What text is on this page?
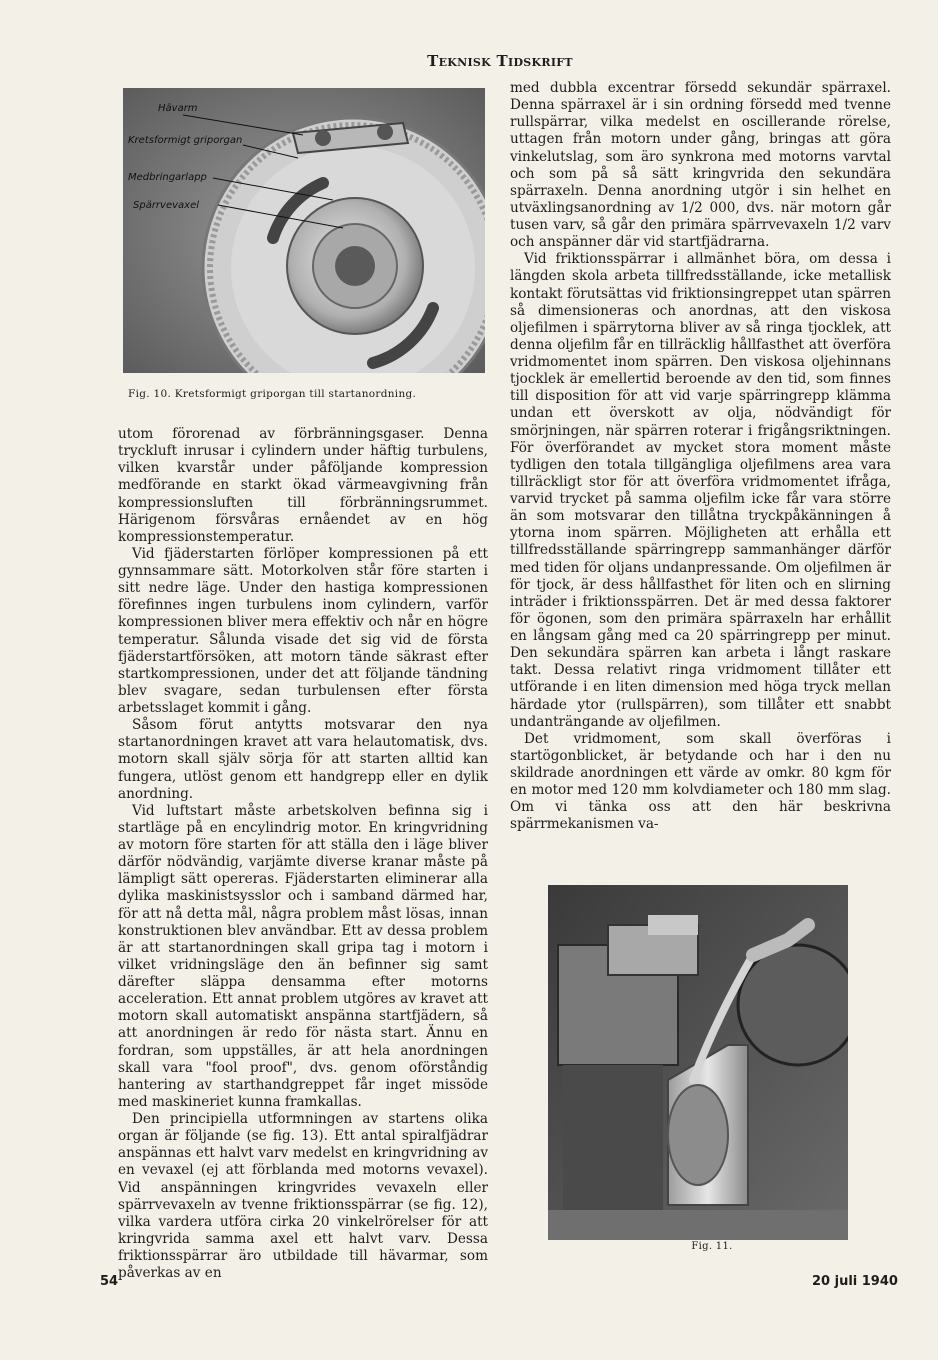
Teknisk Tidskrift
Hävarm
Kretsformigt griporgan
Medbringarlapp
Spärrvevaxel
Fig. 10. Kretsformigt griporgan till startanordning.

utom förorenad av förbränningsgaser. Denna tryckluft inrusar i cylindern under häftig turbulens, vilken kvarstår under påföljande kompression medförande en starkt ökad värmeavgivning från kompressionsluften till förbränningsrummet. Härigenom försvåras ernåendet av en hög kompressionstemperatur.

Vid fjäderstarten förlöper kompressionen på ett gynnsammare sätt. Motorkolven står före starten i sitt nedre läge. Under den hastiga kompressionen förefinnes ingen turbulens inom cylindern, varför kompressionen bliver mera effektiv och når en högre temperatur. Sålunda visade det sig vid de första fjäderstartförsöken, att motorn tände säkrast efter startkompressionen, under det att följande tändning blev svagare, sedan turbulensen efter första arbetsslaget kommit i gång.

Såsom förut antytts motsvarar den nya startanordningen kravet att vara helautomatisk, dvs. motorn skall själv sörja för att starten alltid kan fungera, utlöst genom ett handgrepp eller en dylik anordning.

Vid luftstart måste arbetskolven befinna sig i startläge på en encylindrig motor. En kringvridning av motorn före starten för att ställa den i läge bliver därför nödvändig, varjämte diverse kranar måste på lämpligt sätt opereras. Fjäderstarten eliminerar alla dylika maskinistsysslor och i samband därmed har, för att nå detta mål, några problem måst lösas, innan konstruktionen blev användbar. Ett av dessa problem är att startanordningen skall gripa tag i motorn i vilket vridningsläge den än befinner sig samt därefter släppa densamma efter motorns acceleration. Ett annat problem utgöres av kravet att motorn skall automatiskt anspänna startfjädern, så att anordningen är redo för nästa start. Ännu en fordran, som uppställes, är att hela anordningen skall vara "fool proof", dvs. genom oförståndig hantering av starthandgreppet får inget missöde med maskineriet kunna framkallas.

Den principiella utformningen av startens olika organ är följande (se fig. 13). Ett antal spiralfjädrar anspännas ett halvt varv medelst en kringvridning av en vevaxel (ej att förblanda med motorns vevaxel). Vid anspänningen kringvrides vevaxeln eller spärrvevaxeln av tvenne friktionsspärrar (se fig. 12), vilka vardera utföra cirka 20 vinkelrörelser för att kringvrida samma axel ett halvt varv. Dessa friktionsspärrar äro utbildade till hävarmar, som påverkas av en

med dubbla excentrar försedd sekundär spärraxel. Denna spärraxel är i sin ordning försedd med tvenne rullspärrar, vilka medelst en oscillerande rörelse, uttagen från motorn under gång, bringas att göra vinkelutslag, som äro synkrona med motorns varvtal och som på så sätt kringvrida den sekundära spärraxeln. Denna anordning utgör i sin helhet en utväxlingsanordning av 1/2 000, dvs. när motorn går tusen varv, så går den primära spärrvevaxeln 1/2 varv och anspänner där vid startfjädrarna.

Vid friktionsspärrar i allmänhet böra, om dessa i längden skola arbeta tillfredsställande, icke metallisk kontakt förutsättas vid friktionsingreppet utan spärren så dimensioneras och anordnas, att den viskosa oljefilmen i spärrytorna bliver av så ringa tjocklek, att denna oljefilm får en tillräcklig hållfasthet att överföra vridmomentet inom spärren. Den viskosa oljehinnans tjocklek är emellertid beroende av den tid, som finnes till disposition för att vid varje spärringrepp klämma undan ett överskott av olja, nödvändigt för smörjningen, när spärren roterar i frigångsriktningen. För överförandet av mycket stora moment måste tydligen den totala tillgängliga oljefilmens area vara tillräckligt stor för att överföra vridmomentet ifråga, varvid trycket på samma oljefilm icke får vara större än som motsvarar den tillåtna tryckpåkänningen å ytorna inom spärren. Möjligheten att erhålla ett tillfredsställande spärringrepp sammanhänger därför med tiden för oljans undanpressande. Om oljefilmen är för tjock, är dess hållfasthet för liten och en slirning inträder i friktionsspärren. Det är med dessa faktorer för ögonen, som den primära spärraxeln har erhållit en långsam gång med ca 20 spärringrepp per minut. Den sekundära spärren kan arbeta i långt raskare takt. Dessa relativt ringa vridmoment tillåter ett utförande i en liten dimension med höga tryck mellan härdade ytor (rullspärren), som tillåter ett snabbt undanträngande av oljefilmen.

Det vridmoment, som skall överföras i startögonblicket, är betydande och har i den nu skildrade anordningen ett värde av omkr. 80 kgm för en motor med 120 mm kolvdiameter och 180 mm slag. Om vi tänka oss att den här beskrivna spärrmekanismen va-

Fig. 11.
54	20 juli 1940
